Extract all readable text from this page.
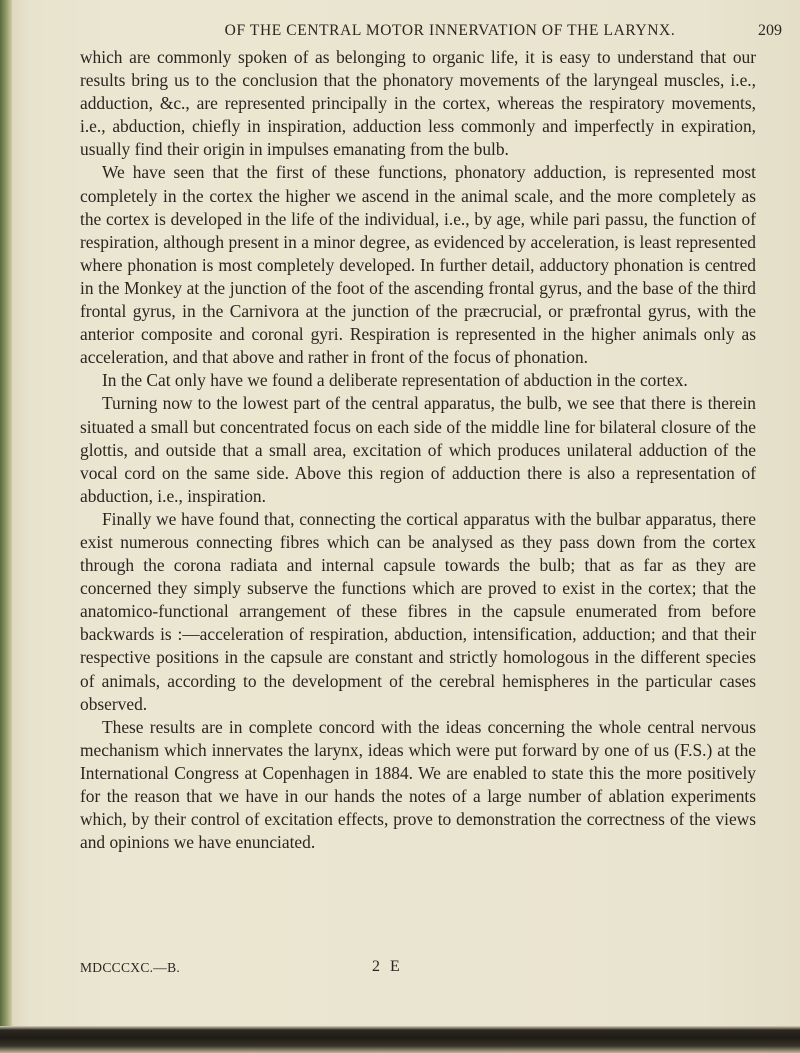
OF THE CENTRAL MOTOR INNERVATION OF THE LARYNX.	209

which are commonly spoken of as belonging to organic life, it is easy to understand that our results bring us to the conclusion that the phonatory movements of the laryngeal muscles, i.e., adduction, &c., are represented principally in the cortex, whereas the respiratory movements, i.e., abduction, chiefly in inspiration, adduction less commonly and imperfectly in expiration, usually find their origin in impulses emanating from the bulb.

We have seen that the first of these functions, phonatory adduction, is represented most completely in the cortex the higher we ascend in the animal scale, and the more completely as the cortex is developed in the life of the individual, i.e., by age, while pari passu, the function of respiration, although present in a minor degree, as evidenced by acceleration, is least represented where phonation is most completely developed. In further detail, adductory phonation is centred in the Monkey at the junction of the foot of the ascending frontal gyrus, and the base of the third frontal gyrus, in the Carnivora at the junction of the præcrucial, or præfrontal gyrus, with the anterior composite and coronal gyri. Respiration is represented in the higher animals only as acceleration, and that above and rather in front of the focus of phonation.

In the Cat only have we found a deliberate representation of abduction in the cortex.

Turning now to the lowest part of the central apparatus, the bulb, we see that there is therein situated a small but concentrated focus on each side of the middle line for bilateral closure of the glottis, and outside that a small area, excitation of which produces unilateral adduction of the vocal cord on the same side. Above this region of adduction there is also a representation of abduction, i.e., inspiration.

Finally we have found that, connecting the cortical apparatus with the bulbar apparatus, there exist numerous connecting fibres which can be analysed as they pass down from the cortex through the corona radiata and internal capsule towards the bulb; that as far as they are concerned they simply subserve the functions which are proved to exist in the cortex; that the anatomico-functional arrangement of these fibres in the capsule enumerated from before backwards is :—acceleration of respiration, abduction, intensification, adduction; and that their respective positions in the capsule are constant and strictly homologous in the different species of animals, according to the development of the cerebral hemispheres in the particular cases observed.

These results are in complete concord with the ideas concerning the whole central nervous mechanism which innervates the larynx, ideas which were put forward by one of us (F.S.) at the International Congress at Copenhagen in 1884. We are enabled to state this the more positively for the reason that we have in our hands the notes of a large number of ablation experiments which, by their control of excitation effects, prove to demonstration the correctness of the views and opinions we have enunciated.

MDCCCXC.—B.	2 E
